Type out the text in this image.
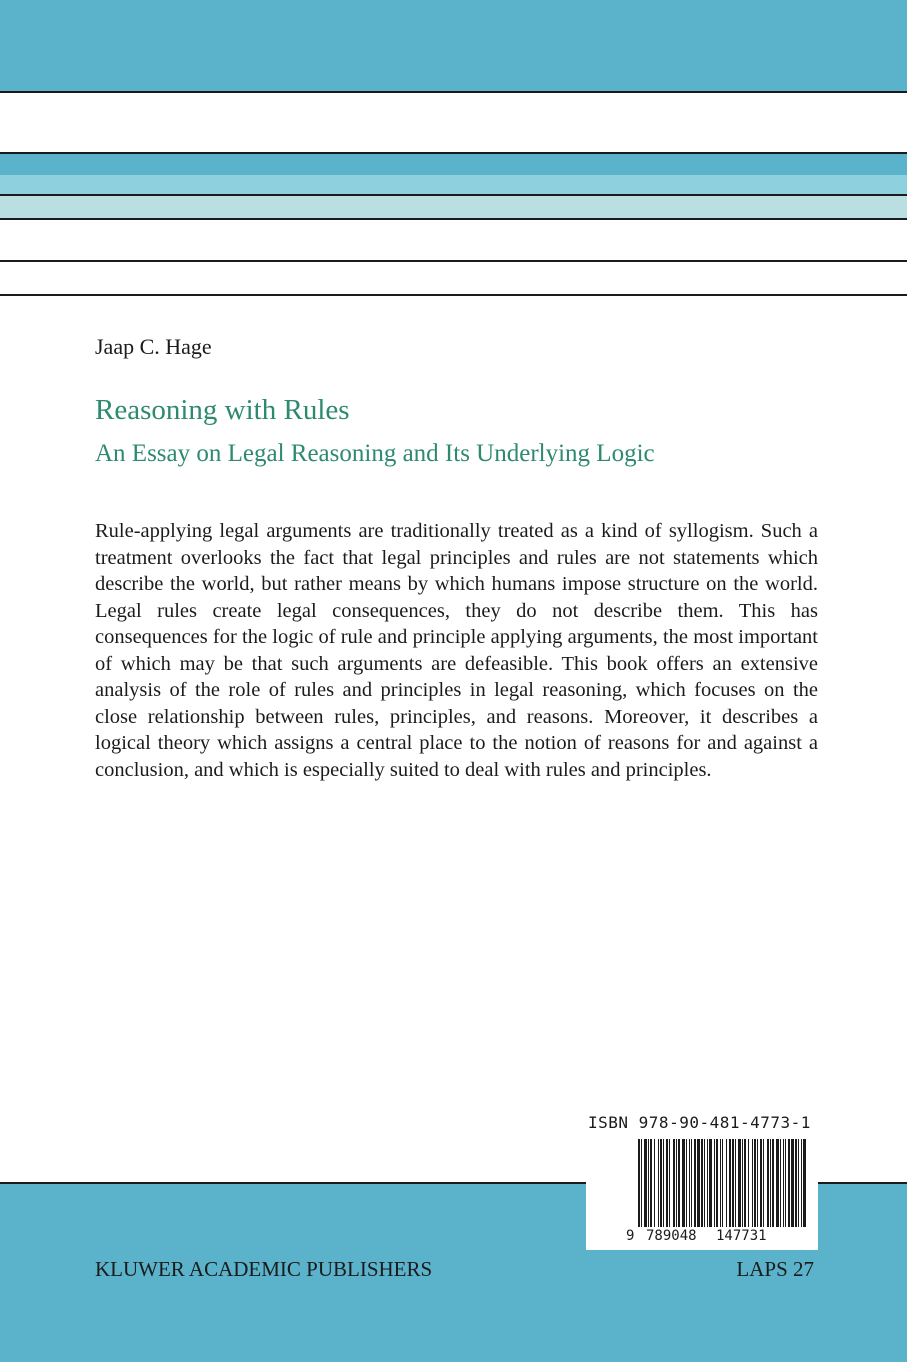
Jaap C. Hage

Reasoning with Rules
An Essay on Legal Reasoning and Its Underlying Logic

Rule-applying legal arguments are traditionally treated as a kind of syllogism. Such a treatment overlooks the fact that legal principles and rules are not statements which describe the world, but rather means by which humans impose structure on the world. Legal rules create legal consequences, they do not describe them. This has consequences for the logic of rule and principle applying arguments, the most important of which may be that such arguments are defeasible. This book offers an extensive analysis of the role of rules and principles in legal reasoning, which focuses on the close relationship between rules, principles, and reasons. Moreover, it describes a logical theory which assigns a central place to the notion of reasons for and against a conclusion, and which is especially suited to deal with rules and principles.

ISBN 978-90-481-4773-1
9 789048 147731

KLUWER ACADEMIC PUBLISHERS	LAPS 27
